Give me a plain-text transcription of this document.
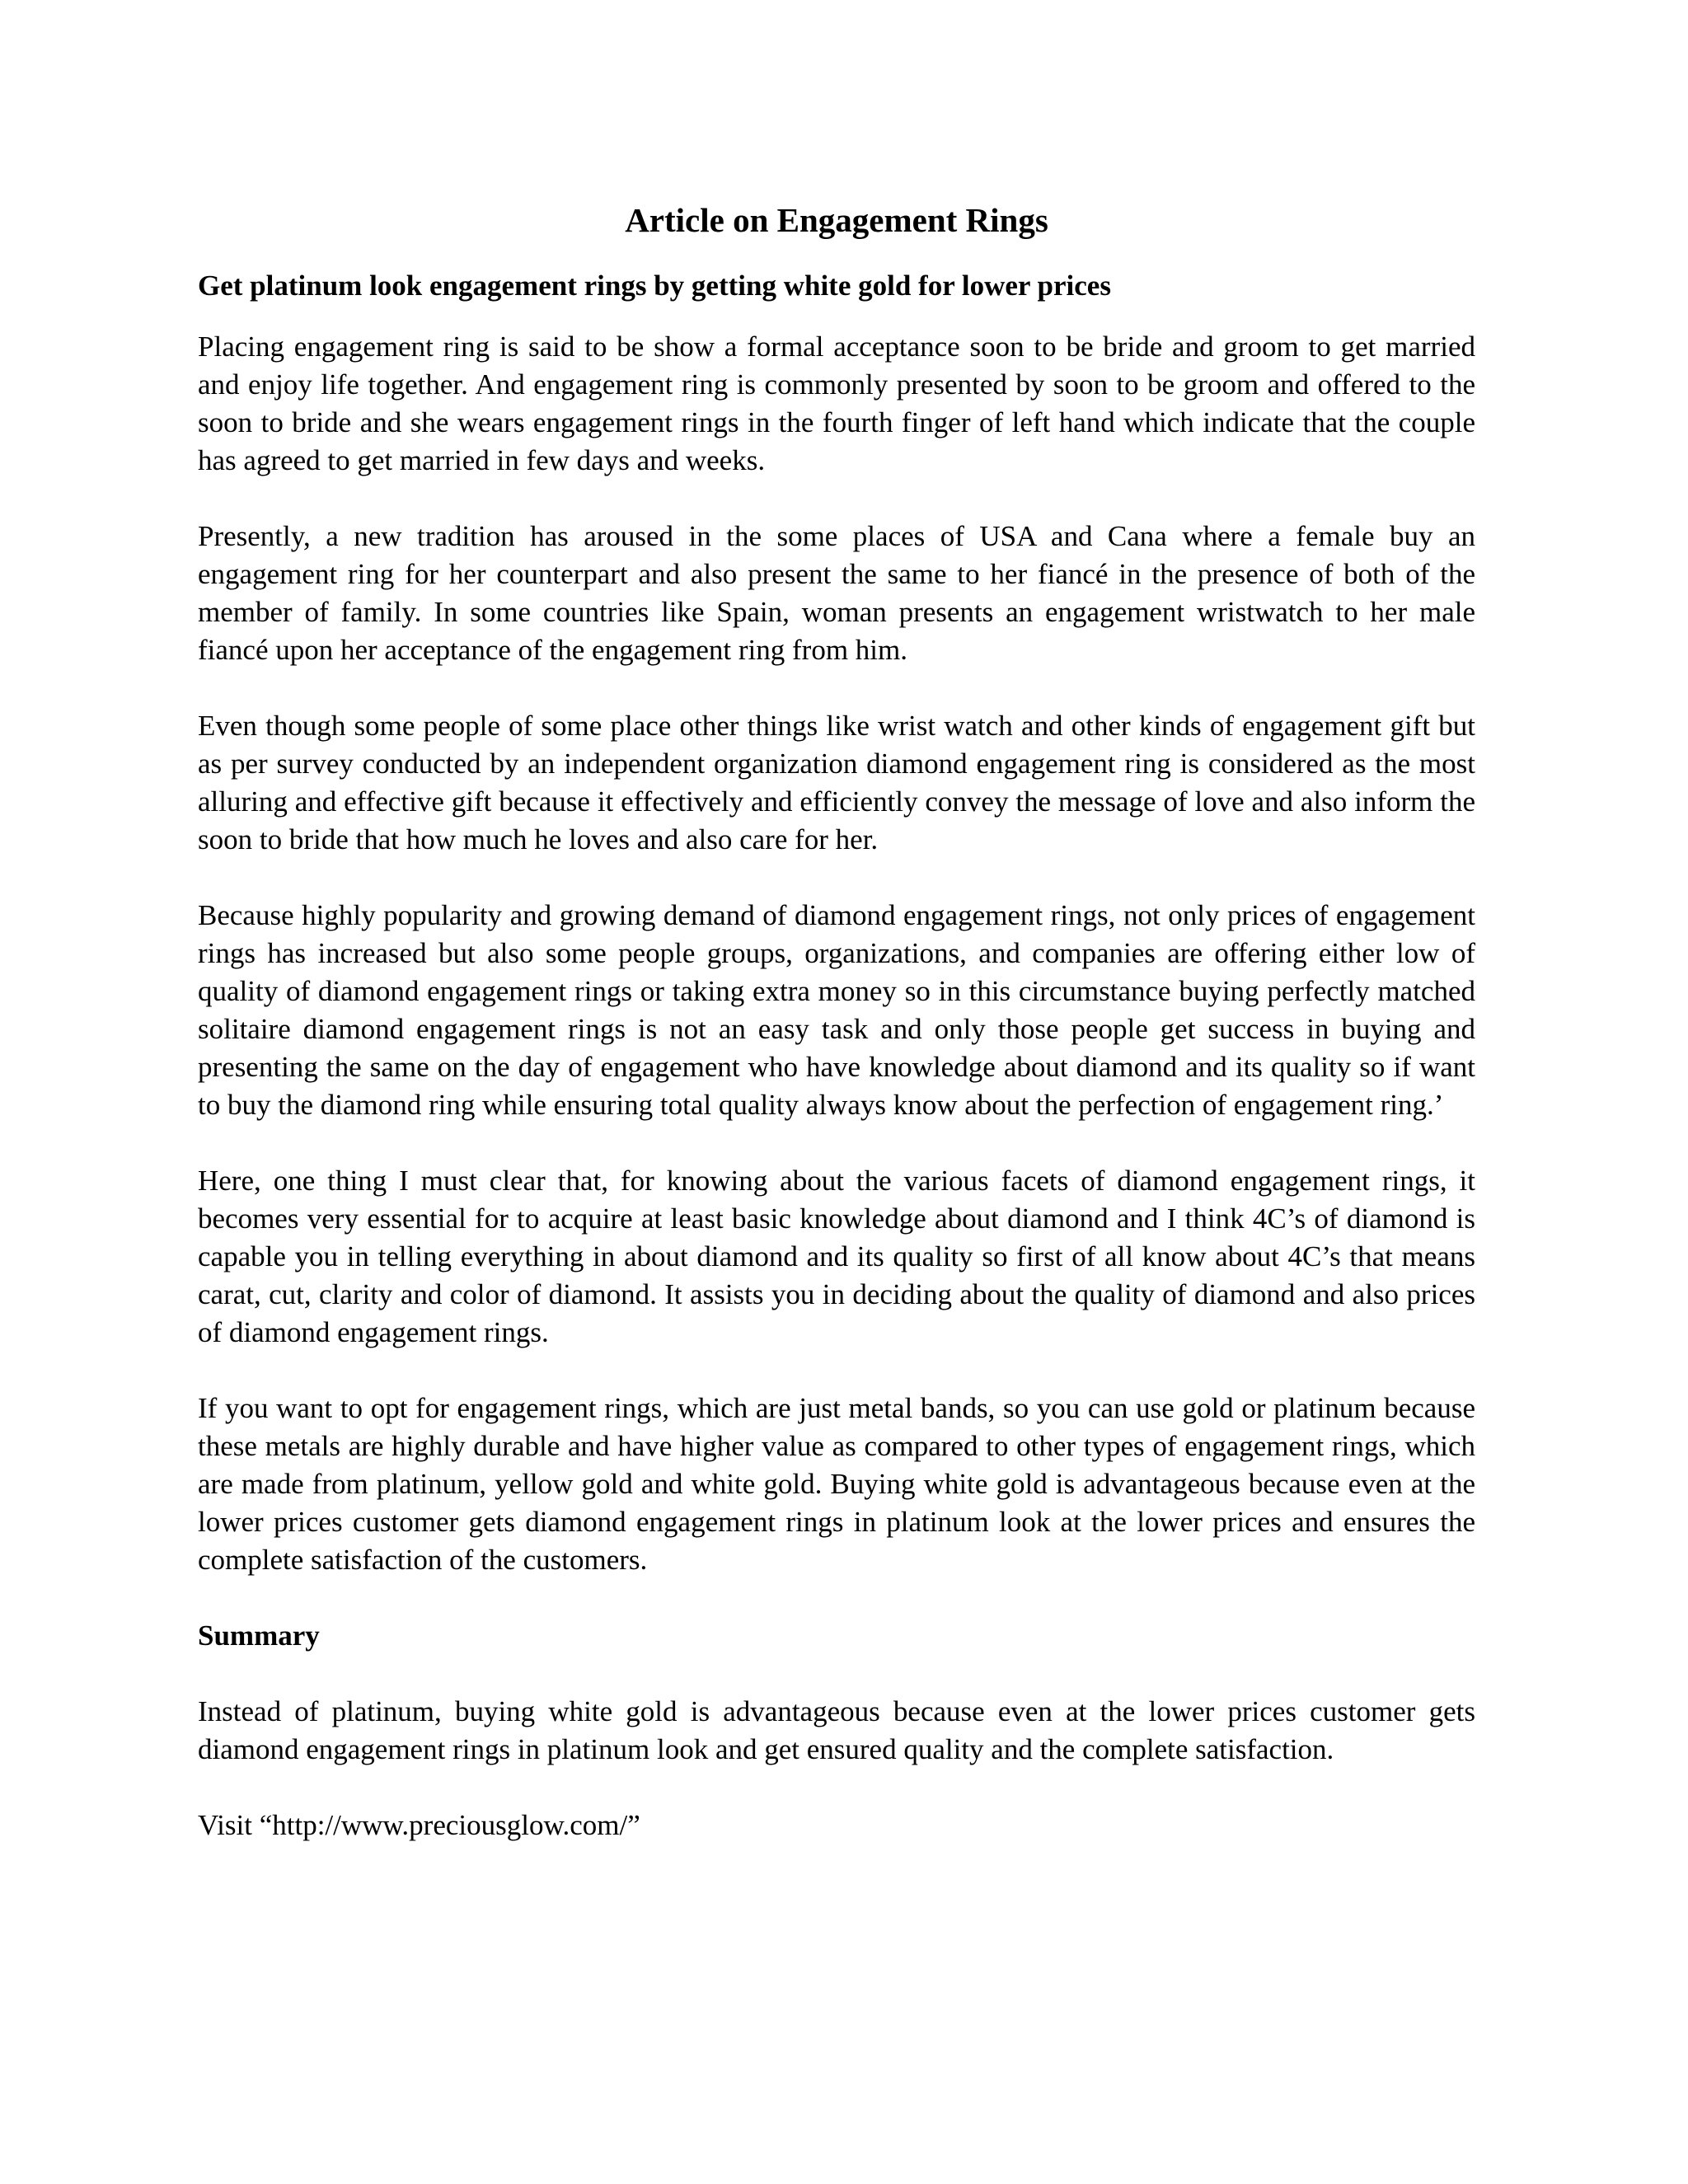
Article on Engagement Rings

Get platinum look engagement rings by getting white gold for lower prices

Placing engagement ring is said to be show a formal acceptance soon to be bride and groom to get married and enjoy life together. And engagement ring is commonly presented by soon to be groom and offered to the soon to bride and she wears engagement rings in the fourth finger of left hand which indicate that the couple has agreed to get married in few days and weeks.

Presently, a new tradition has aroused in the some places of USA and Cana where a female buy an engagement ring for her counterpart and also present the same to her fiancé in the presence of both of the member of family. In some countries like Spain, woman presents an engagement wristwatch to her male fiancé upon her acceptance of the engagement ring from him.

Even though some people of some place other things like wrist watch and other kinds of engagement gift but as per survey conducted by an independent organization diamond engagement ring is considered as the most alluring and effective gift because it effectively and efficiently convey the message of love and also inform the soon to bride that how much he loves and also care for her.

Because highly popularity and growing demand of diamond engagement rings, not only prices of engagement rings has increased but also some people groups, organizations, and companies are offering either low of quality of diamond engagement rings or taking extra money so in this circumstance buying perfectly matched solitaire diamond engagement rings is not an easy task and only those people get success in buying and presenting the same on the day of engagement who have knowledge about diamond and its quality so if want to buy the diamond ring while ensuring total quality always know about the perfection of engagement ring.’

Here, one thing I must clear that, for knowing about the various facets of diamond engagement rings, it becomes very essential for to acquire at least basic knowledge about diamond and I think 4C’s of diamond is capable you in telling everything in about diamond and its quality so first of all know about 4C’s that means carat, cut, clarity and color of diamond. It assists you in deciding about the quality of diamond and also prices of diamond engagement rings.

If you want to opt for engagement rings, which are just metal bands, so you can use gold or platinum because these metals are highly durable and have higher value as compared to other types of engagement rings, which are made from platinum, yellow gold and white gold. Buying white gold is advantageous because even at the lower prices customer gets diamond engagement rings in platinum look at the lower prices and ensures the complete satisfaction of the customers.

Summary

Instead of platinum, buying white gold is advantageous because even at the lower prices customer gets diamond engagement rings in platinum look and get ensured quality and the complete satisfaction.

Visit “http://www.preciousglow.com/”
